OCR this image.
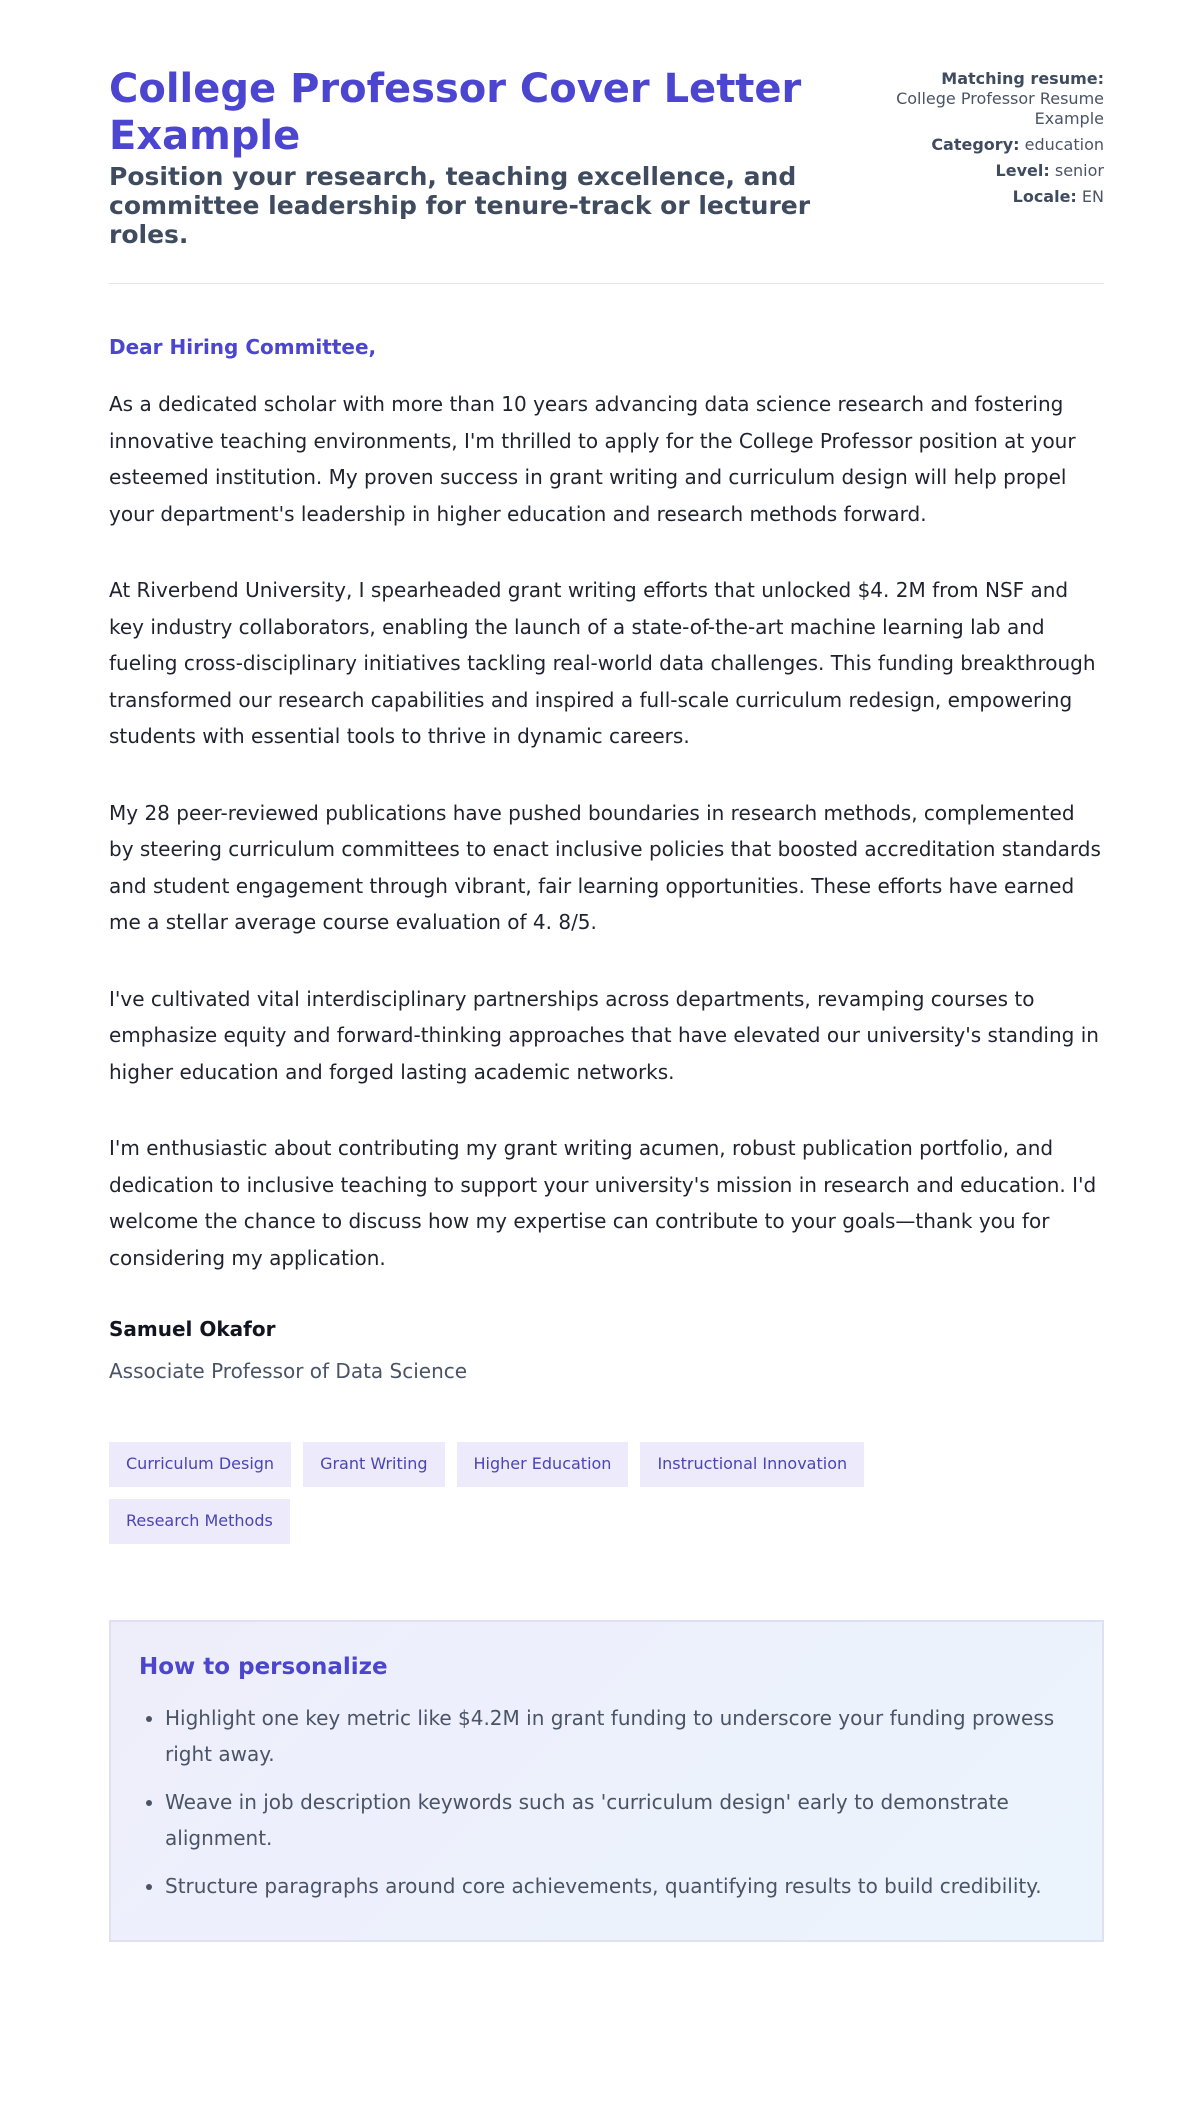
College Professor Cover Letter Example
Position your research, teaching excellence, and committee leadership for tenure-track or lecturer roles.
Matching resume:
College Professor Resume Example
Category: education
Level: senior
Locale: EN
Dear Hiring Committee,

As a dedicated scholar with more than 10 years advancing data science research and fostering innovative teaching environments, I'm thrilled to apply for the College Professor position at your esteemed institution. My proven success in grant writing and curriculum design will help propel your department's leadership in higher education and research methods forward.

At Riverbend University, I spearheaded grant writing efforts that unlocked $4. 2M from NSF and key industry collaborators, enabling the launch of a state-of-the-art machine learning lab and fueling cross-disciplinary initiatives tackling real-world data challenges. This funding breakthrough transformed our research capabilities and inspired a full-scale curriculum redesign, empowering students with essential tools to thrive in dynamic careers.

My 28 peer-reviewed publications have pushed boundaries in research methods, complemented by steering curriculum committees to enact inclusive policies that boosted accreditation standards and student engagement through vibrant, fair learning opportunities. These efforts have earned me a stellar average course evaluation of 4. 8/5.

I've cultivated vital interdisciplinary partnerships across departments, revamping courses to emphasize equity and forward-thinking approaches that have elevated our university's standing in higher education and forged lasting academic networks.

I'm enthusiastic about contributing my grant writing acumen, robust publication portfolio, and dedication to inclusive teaching to support your university's mission in research and education. I'd welcome the chance to discuss how my expertise can contribute to your goals—thank you for considering my application.

Samuel Okafor
Associate Professor of Data Science
Curriculum Design	Grant Writing	Higher Education	Instructional Innovation
Research Methods
How to personalize
• Highlight one key metric like $4.2M in grant funding to underscore your funding prowess right away.
• Weave in job description keywords such as 'curriculum design' early to demonstrate alignment.
• Structure paragraphs around core achievements, quantifying results to build credibility.
